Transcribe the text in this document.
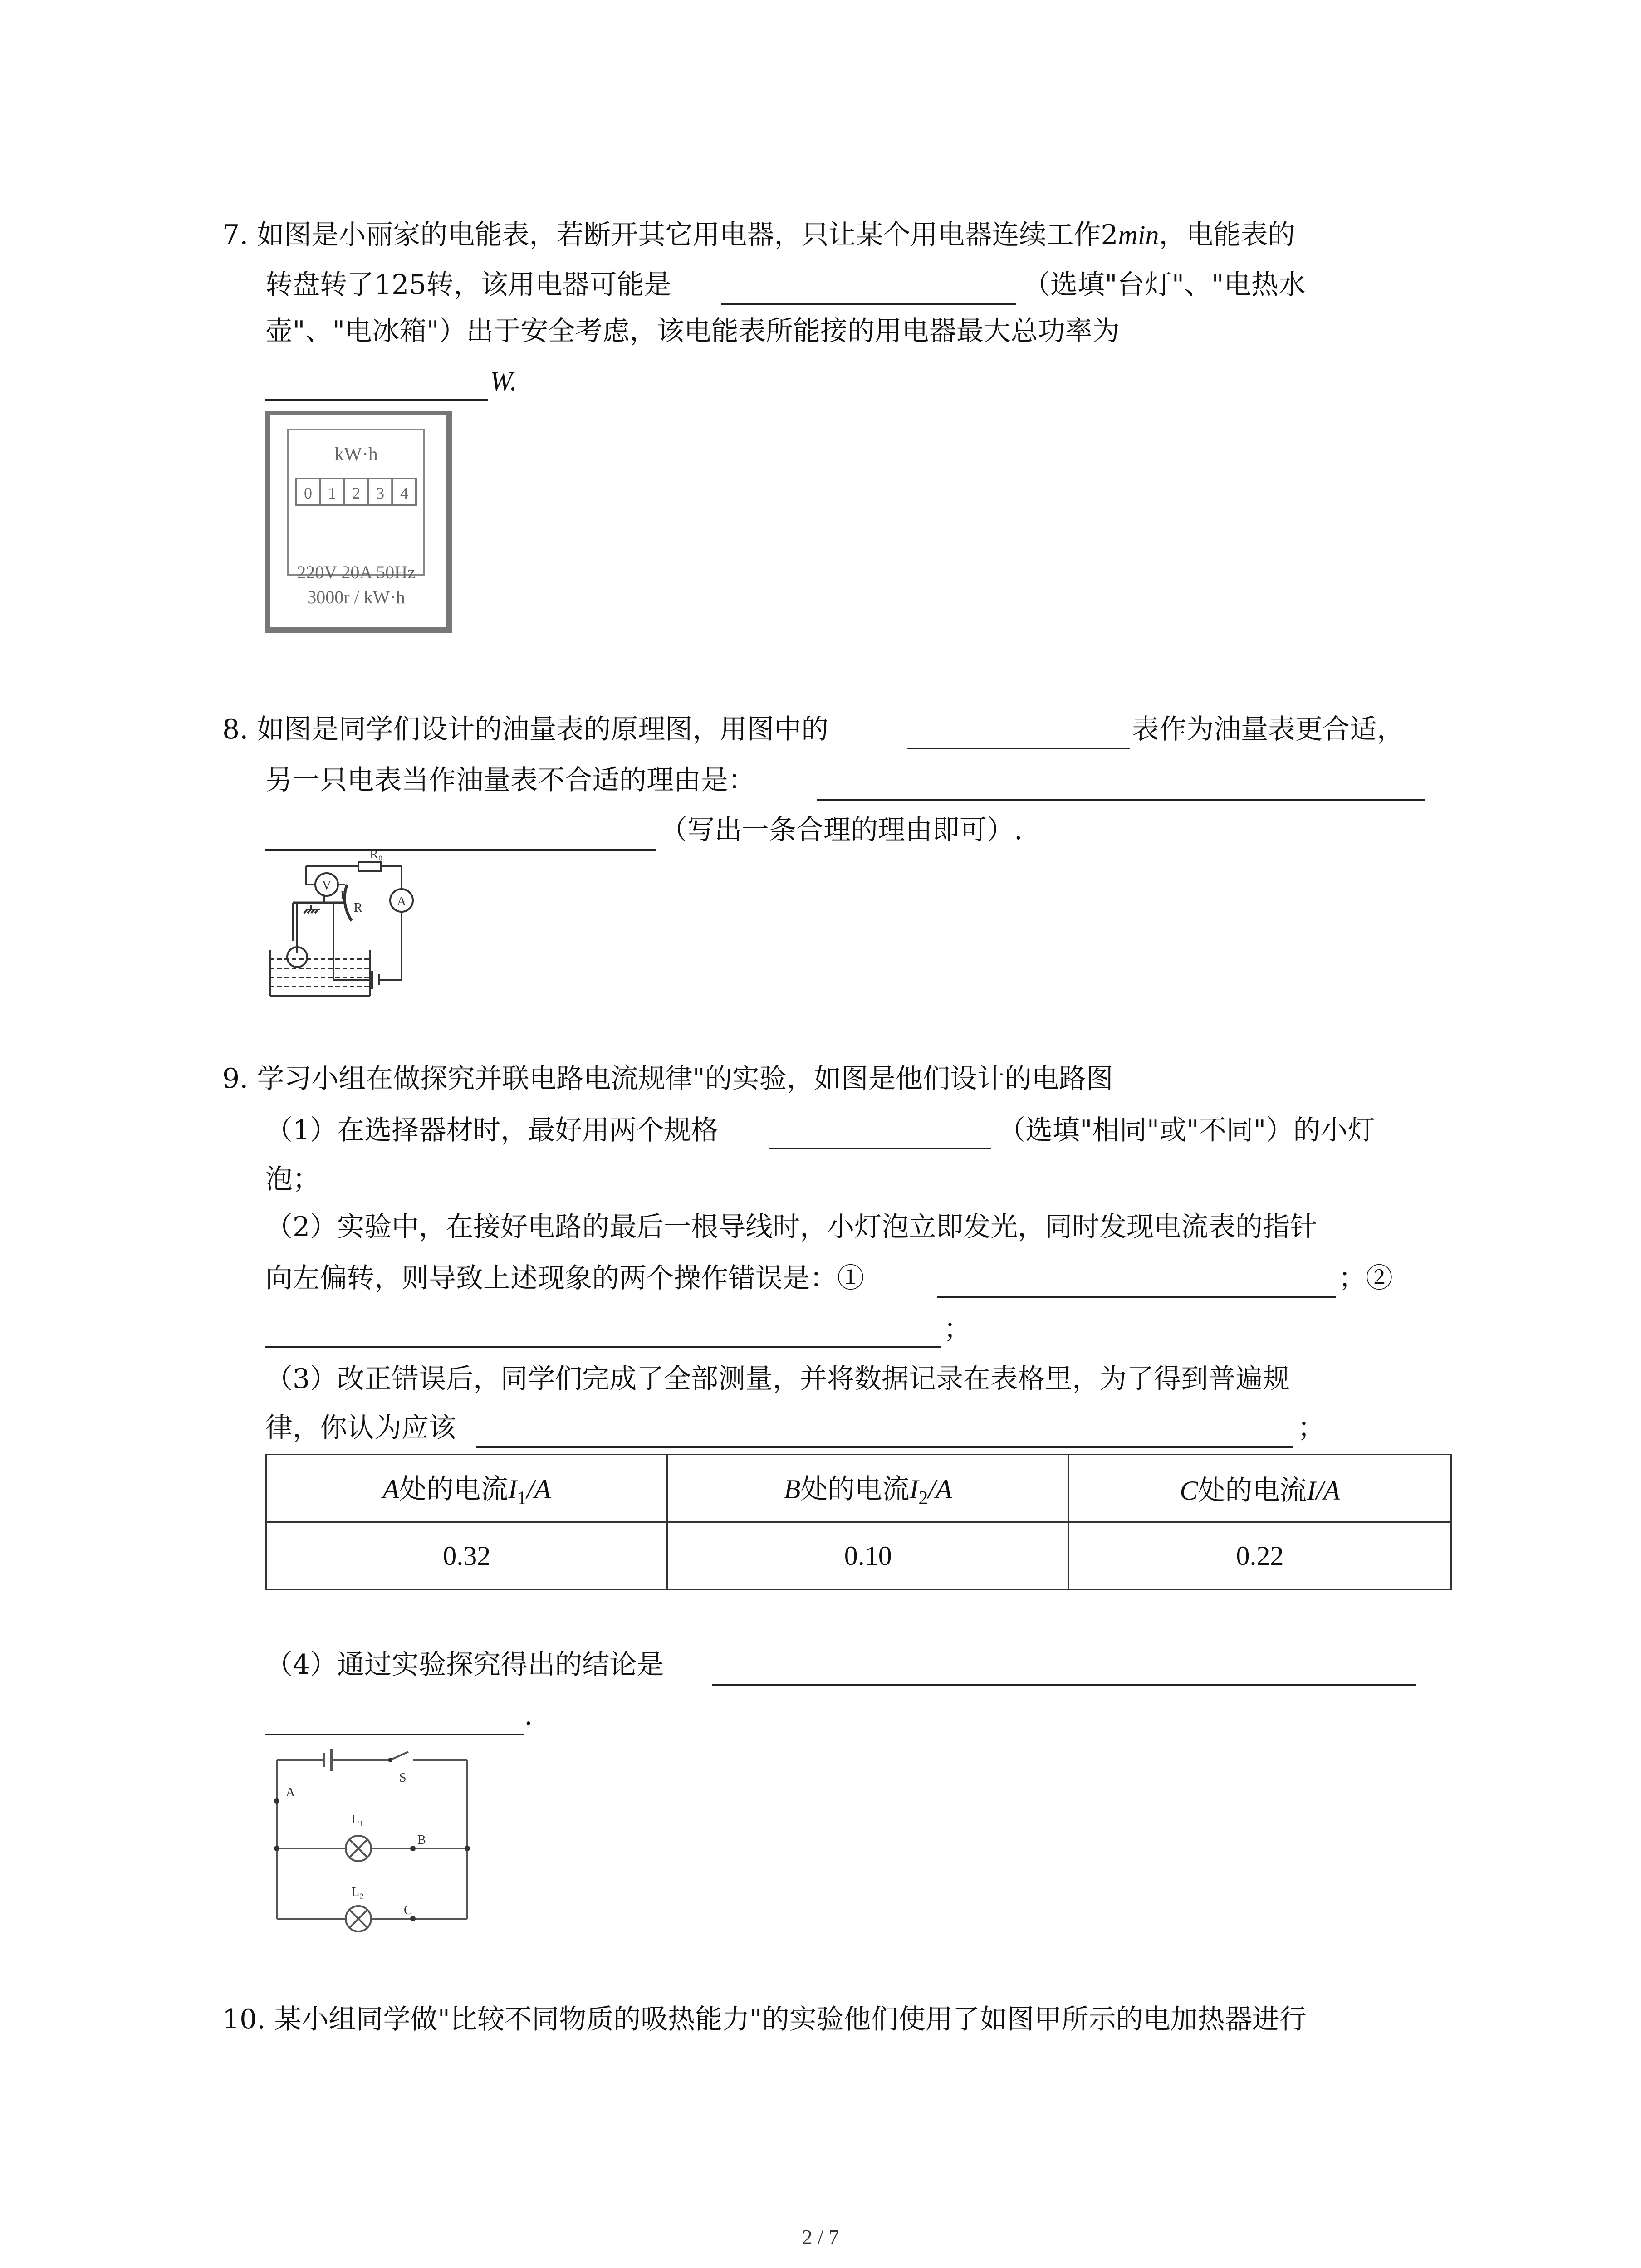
7. 如图是小丽家的电能表，若断开其它用电器，只让某个用电器连续工作2min，电能表的
转盘转了125转，该用电器可能是	（选填"台灯"、"电热水
壶"、"电冰箱"）出于安全考虑，该电能表所能接的用电器最大总功率为
W.
kW·h
0 1 2 3 4
220V 20A 50Hz
3000r / kW·h
8. 如图是同学们设计的油量表的原理图，用图中的	表作为油量表更合适，
另一只电表当作油量表不合适的理由是：
（写出一条合理的理由即可）.
R₀
V
P
R	A
9. 学习小组在做探究并联电路电流规律"的实验，如图是他们设计的电路图
（1）在选择器材时，最好用两个规格	（选填"相同"或"不同"）的小灯
泡；
（2）实验中，在接好电路的最后一根导线时，小灯泡立即发光，同时发现电流表的指针
向左偏转，则导致上述现象的两个操作错误是：①	；②
；
（3）改正错误后，同学们完成了全部测量，并将数据记录在表格里，为了得到普遍规
律，你认为应该	；
A处的电流$I_1/A$	B处的电流$I_2/A$	C处的电流I/A
0.32	0.10	0.22
（4）通过实验探究得出的结论是
.
S
A
L₁
B
L₂
C
10. 某小组同学做"比较不同物质的吸热能力"的实验他们使用了如图甲所示的电加热器进行
2 / 7
